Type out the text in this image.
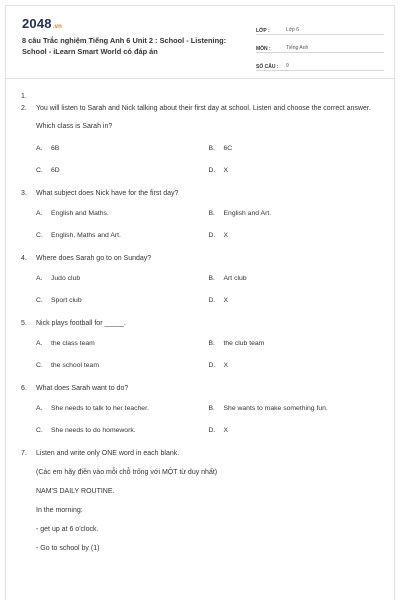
2048.vn
8 câu Trắc nghiệm Tiếng Anh 6 Unit 2 : School - Listening: School - iLearn Smart World có đáp án
LỚP :	Lớp 6
MÔN :	Tiếng Anh
SỐ CÂU :	9
1.
2.	You will listen to Sarah and Nick talking about their first day at school. Listen and choose the correct answer.
Which class is Sarah in?
A.	6B	B.	6C
C.	6D	D.	X
3.	What subject does Nick have for the first day?
A.	English and Maths.	B.	English and Art.
C.	English, Maths and Art.	D.	X
4.	Where does Sarah go to on Sunday?
A.	Judo club	B.	Art club
C.	Sport club	D.	X
5.	Nick plays football for _____.
A.	the class team	B.	the club team
C.	the school team	D.	X
6.	What does Sarah want to do?
A.	She needs to talk to her teacher.	B.	She wants to make something fun.
C.	She needs to do homework.	D.	X
7.	Listen and write only ONE word in each blank.
(Các em hãy điền vào mỗi chỗ trống với MỘT từ duy nhất)
NAM'S DAILY ROUTINE.
In the morning:
- get up at 6 o'clock.
- Go to school by (1)
